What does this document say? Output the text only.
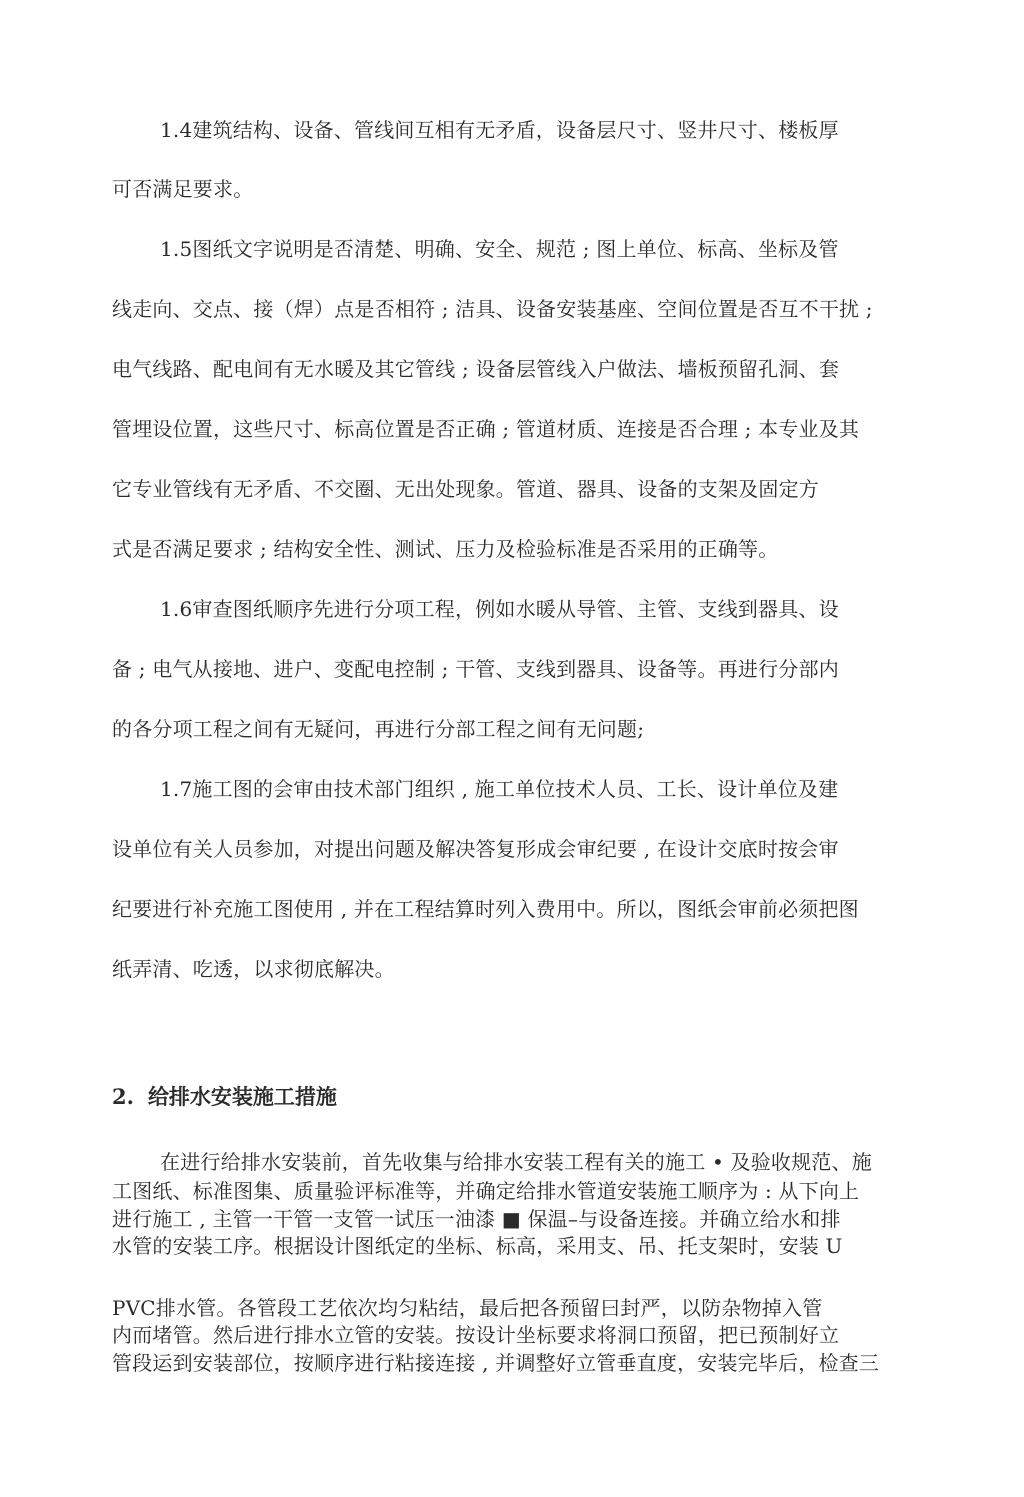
1.4建筑结构、设备、管线间互相有无矛盾，设备层尺寸、竖井尺寸、楼板厚

可否满足要求。

1.5图纸文字说明是否清楚、明确、安全、规范 ; 图上单位、标高、坐标及管

线走向、交点、接（焊）点是否相符 ; 洁具、设备安装基座、空间位置是否互不干扰 ;

电气线路、配电间有无水暖及其它管线 ; 设备层管线入户做法、墙板预留孔洞、套

管埋设位置，这些尺寸、标高位置是否正确 ; 管道材质、连接是否合理 ; 本专业及其

它专业管线有无矛盾、不交圈、无出处现象。管道、器具、设备的支架及固定方

式是否满足要求 ; 结构安全性、测试、压力及检验标准是否采用的正确等。

1.6审查图纸顺序先进行分项工程，例如水暖从导管、主管、支线到器具、设

备 ; 电气从接地、进户、变配电控制 ; 干管、支线到器具、设备等。再进行分部内

的各分项工程之间有无疑问，再进行分部工程之间有无问题;

1.7施工图的会审由技术部门组织 , 施工单位技术人员、工长、设计单位及建

设单位有关人员参加，对提出问题及解决答复形成会审纪要 , 在设计交底时按会审

纪要进行补充施工图使用 , 并在工程结算时列入费用中。所以，图纸会审前必须把图

纸弄清、吃透，以求彻底解决。

2. 给排水安装施工措施

在进行给排水安装前，首先收集与给排水安装工程有关的施工 • 及验收规范、施

工图纸、标准图集、质量验评标准等，并确定给排水管道安装施工顺序为 : 从下向上

进行施工 , 主管一干管一支管一试压一油漆 ■ 保温–与设备连接。并确立给水和排

水管的安装工序。根据设计图纸定的坐标、标高，采用支、吊、托支架时，安装 U

PVC排水管。各管段工艺依次均匀粘结，最后把各预留曰封严，以防杂物掉入管

内而堵管。然后进行排水立管的安装。按设计坐标要求将洞口预留，把已预制好立

管段运到安装部位，按顺序进行粘接连接 , 并调整好立管垂直度，安装完毕后，检查三
